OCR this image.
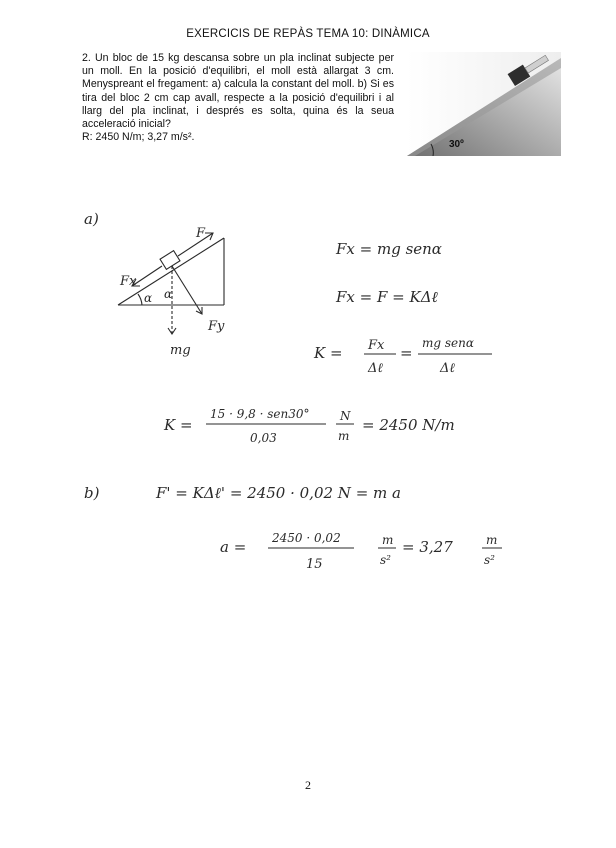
EXERCICIS DE REPÀS TEMA 10: DINÀMICA

2. Un bloc de 15 kg descansa sobre un pla inclinat subjecte per un moll. En la posició d'equilibri, el moll està allargat 3 cm. Menyspreant el fregament: a) calcula la constant del moll. b) Si es tira del bloc 2 cm cap avall, respecte a la posició d'equilibri i al llarg del pla inclinat, i després es solta, quina és la seua acceleració inicial?

R: 2450 N/m; 3,27 m/s².

30º
a)
F
Fx
Fy
mg
α α
Fx = mg senα
Fx = F = KΔℓ
K = Fx
Δℓ
=
mg senα
Δℓ
K =
15 · 9,8 · sen30°
0,03
N
m
= 2450 N/m
b)	F' = KΔℓ' = 2450 · 0,02 N = m a
a = 2450 · 0,02
15
m
s²
= 3,27	m
s²
2
